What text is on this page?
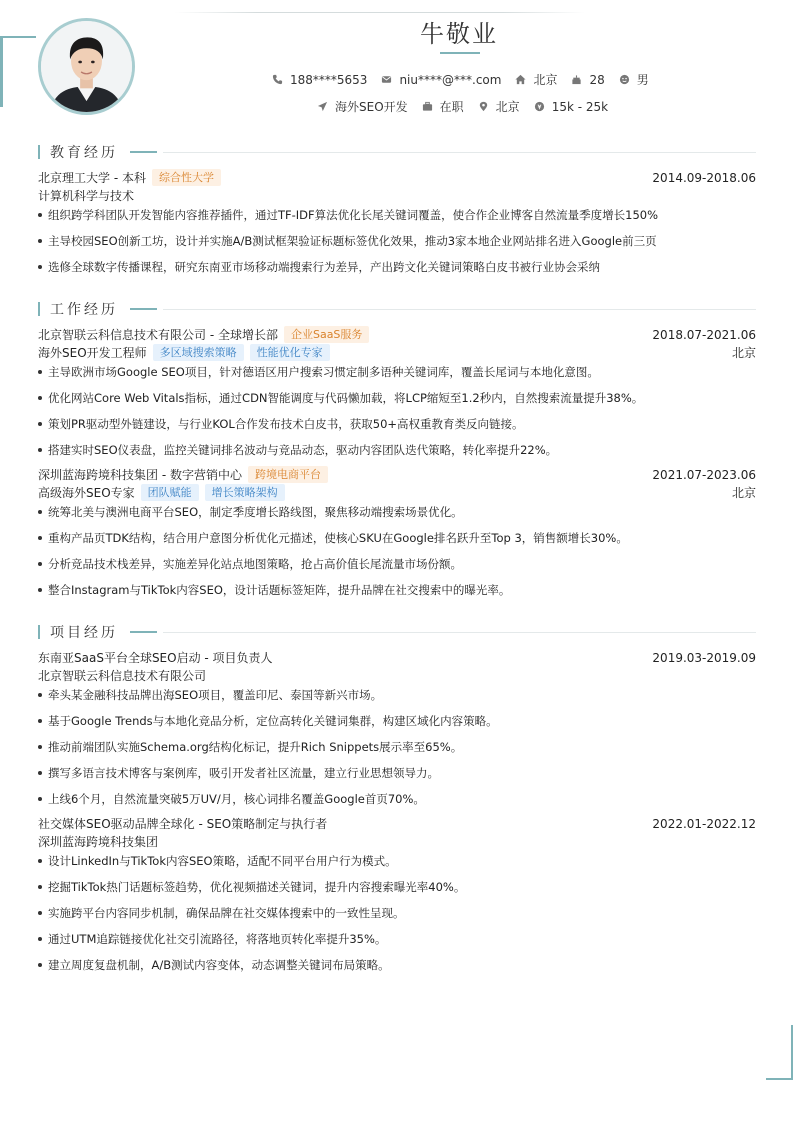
牛敬业
188****5653	niu****@***.com	北京	28	男
海外SEO开发	在职	北京	15k - 25k
教育经历
北京理工大学 - 本科	综合性大学	2014.09-2018.06
计算机科学与技术
组织跨学科团队开发智能内容推荐插件，通过TF-IDF算法优化长尾关键词覆盖，使合作企业博客自然流量季度增长150%
主导校园SEO创新工坊，设计并实施A/B测试框架验证标题标签优化效果，推动3家本地企业网站排名进入Google前三页
选修全球数字传播课程，研究东南亚市场移动端搜索行为差异，产出跨文化关键词策略白皮书被行业协会采纳
工作经历
北京智联云科信息技术有限公司 - 全球增长部	企业SaaS服务	2018.07-2021.06
海外SEO开发工程师	多区域搜索策略	性能优化专家	北京
主导欧洲市场Google SEO项目，针对德语区用户搜索习惯定制多语种关键词库，覆盖长尾词与本地化意图。
优化网站Core Web Vitals指标，通过CDN智能调度与代码懒加载，将LCP缩短至1.2秒内，自然搜索流量提升38%。
策划PR驱动型外链建设，与行业KOL合作发布技术白皮书，获取50+高权重教育类反向链接。
搭建实时SEO仪表盘，监控关键词排名波动与竞品动态，驱动内容团队迭代策略，转化率提升22%。
深圳蓝海跨境科技集团 - 数字营销中心	跨境电商平台	2021.07-2023.06
高级海外SEO专家	团队赋能	增长策略架构	北京
统筹北美与澳洲电商平台SEO，制定季度增长路线图，聚焦移动端搜索场景优化。
重构产品页TDK结构，结合用户意图分析优化元描述，使核心SKU在Google排名跃升至Top 3，销售额增长30%。
分析竞品技术栈差异，实施差异化站点地图策略，抢占高价值长尾流量市场份额。
整合Instagram与TikTok内容SEO，设计话题标签矩阵，提升品牌在社交搜索中的曝光率。
项目经历
东南亚SaaS平台全球SEO启动 - 项目负责人	2019.03-2019.09
北京智联云科信息技术有限公司
牵头某金融科技品牌出海SEO项目，覆盖印尼、泰国等新兴市场。
基于Google Trends与本地化竞品分析，定位高转化关键词集群，构建区域化内容策略。
推动前端团队实施Schema.org结构化标记，提升Rich Snippets展示率至65%。
撰写多语言技术博客与案例库，吸引开发者社区流量，建立行业思想领导力。
上线6个月，自然流量突破5万UV/月，核心词排名覆盖Google首页70%。
社交媒体SEO驱动品牌全球化 - SEO策略制定与执行者	2022.01-2022.12
深圳蓝海跨境科技集团
设计LinkedIn与TikTok内容SEO策略，适配不同平台用户行为模式。
挖掘TikTok热门话题标签趋势，优化视频描述关键词，提升内容搜索曝光率40%。
实施跨平台内容同步机制，确保品牌在社交媒体搜索中的一致性呈现。
通过UTM追踪链接优化社交引流路径，将落地页转化率提升35%。
建立周度复盘机制，A/B测试内容变体，动态调整关键词布局策略。
